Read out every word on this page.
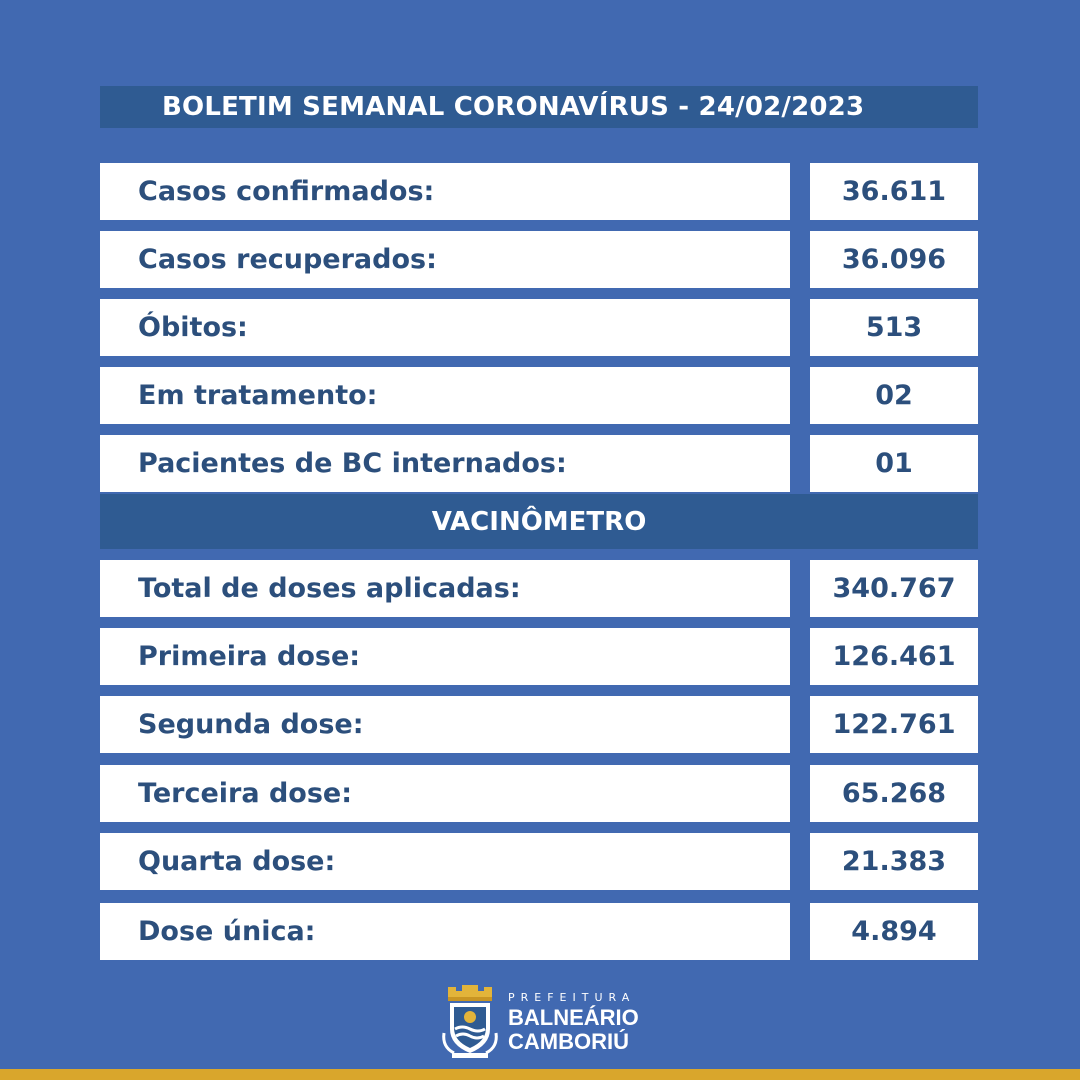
BOLETIM SEMANAL CORONAVÍRUS - 24/02/2023
Casos confirmados:	36.611
Casos recuperados:	36.096
Óbitos:	513
Em tratamento:	02
Pacientes de BC internados:	01
VACINÔMETRO
Total de doses aplicadas:	340.767
Primeira dose:	126.461
Segunda dose:	122.761
Terceira dose:	65.268
Quarta dose:	21.383
Dose única:	4.894
PREFEITURA
BALNEÁRIO
CAMBORIÚ
